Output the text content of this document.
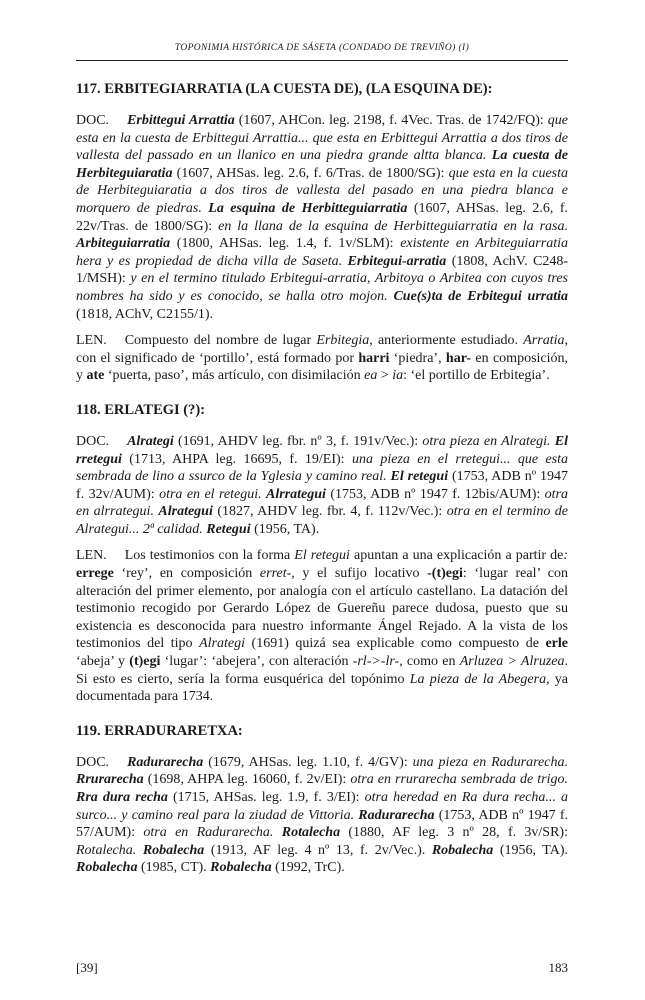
TOPONIMIA HISTÓRICA DE SÁSETA (CONDADO DE TREVIÑO) (I)
117. ERBITEGIARRATIA (LA CUESTA DE), (LA ESQUINA DE):

DOC. Erbittegui Arrattia (1607, AHCon. leg. 2198, f. 4Vec. Tras. de 1742/FQ): que esta en la cuesta de Erbittegui Arrattia... que esta en Erbittegui Arrattia a dos tiros de vallesta del passado en un llanico en una piedra grande altta blanca. La cuesta de Herbiteguiaratia (1607, AHSas. leg. 2.6, f. 6/Tras. de 1800/SG): que esta en la cuesta de Herbiteguiaratia a dos tiros de vallesta del pasado en una piedra blanca e morquero de piedras. La esquina de Herbitteguiarratia (1607, AHSas. leg. 2.6, f. 22v/Tras. de 1800/SG): en la llana de la esquina de Herbitteguiarratia en la rasa. Arbiteguiarratia (1800, AHSas. leg. 1.4, f. 1v/SLM): existente en Arbiteguiarratia hera y es propiedad de dicha villa de Saseta. Erbitegui-arratia (1808, AchV. C248-1/MSH): y en el termino titulado Erbitegui-arratia, Arbitoya o Arbitea con cuyos tres nombres ha sido y es conocido, se halla otro mojon. Cue(s)ta de Erbitegui urratia (1818, AChV, C2155/1).

LEN. Compuesto del nombre de lugar Erbitegia, anteriormente estudiado. Arratia, con el significado de ‘portillo’, está formado por harri ‘piedra’, har- en composición, y ate ‘puerta, paso’, más artículo, con disimilación ea > ia: ‘el portillo de Erbitegia’.

118. ERLATEGI (?):

DOC. Alrategi (1691, AHDV leg. fbr. nº 3, f. 191v/Vec.): otra pieza en Alrategi. El rretegui (1713, AHPA leg. 16695, f. 19/EI): una pieza en el rretegui... que esta sembrada de lino a ssurco de la Yglesia y camino real. El retegui (1753, ADB nº 1947 f. 32v/AUM): otra en el retegui. Alrrategui (1753, ADB nº 1947 f. 12bis/AUM): otra en alrrategui. Alrategui (1827, AHDV leg. fbr. 4, f. 112v/Vec.): otra en el termino de Alrategui... 2ª calidad. Retegui (1956, TA).

LEN. Los testimonios con la forma El retegui apuntan a una explicación a partir de: errege ‘rey’, en composición erret-, y el sufijo locativo -(t)egi: ‘lugar real’ con alteración del primer elemento, por analogía con el artículo castellano. La datación del testimonio recogido por Gerardo López de Guereñu parece dudosa, puesto que su existencia es desconocida para nuestro informante Ángel Rejado. A la vista de los testimonios del tipo Alrategi (1691) quizá sea explicable como compuesto de erle ‘abeja’ y (t)egi ‘lugar’: ‘abejera’, con alteración -rl->-lr-, como en Arluzea > Alruzea. Si esto es cierto, sería la forma eusquérica del topónimo La pieza de la Abegera, ya documentada para 1734.

119. ERRADURARETXA:

DOC. Radurarecha (1679, AHSas. leg. 1.10, f. 4/GV): una pieza en Radurarecha. Rrurarecha (1698, AHPA leg. 16060, f. 2v/EI): otra en rrurarecha sembrada de trigo. Rra dura recha (1715, AHSas. leg. 1.9, f. 3/EI): otra heredad en Ra dura recha... a surco... y camino real para la ziudad de Vittoria. Radurarecha (1753, ADB nº 1947 f. 57/AUM): otra en Radurarecha. Rotalecha (1880, AF leg. 3 nº 28, f. 3v/SR): Rotalecha. Robalecha (1913, AF leg. 4 nº 13, f. 2v/Vec.). Robalecha (1956, TA). Robalecha (1985, CT). Robalecha (1992, TrC).

[39]	183
